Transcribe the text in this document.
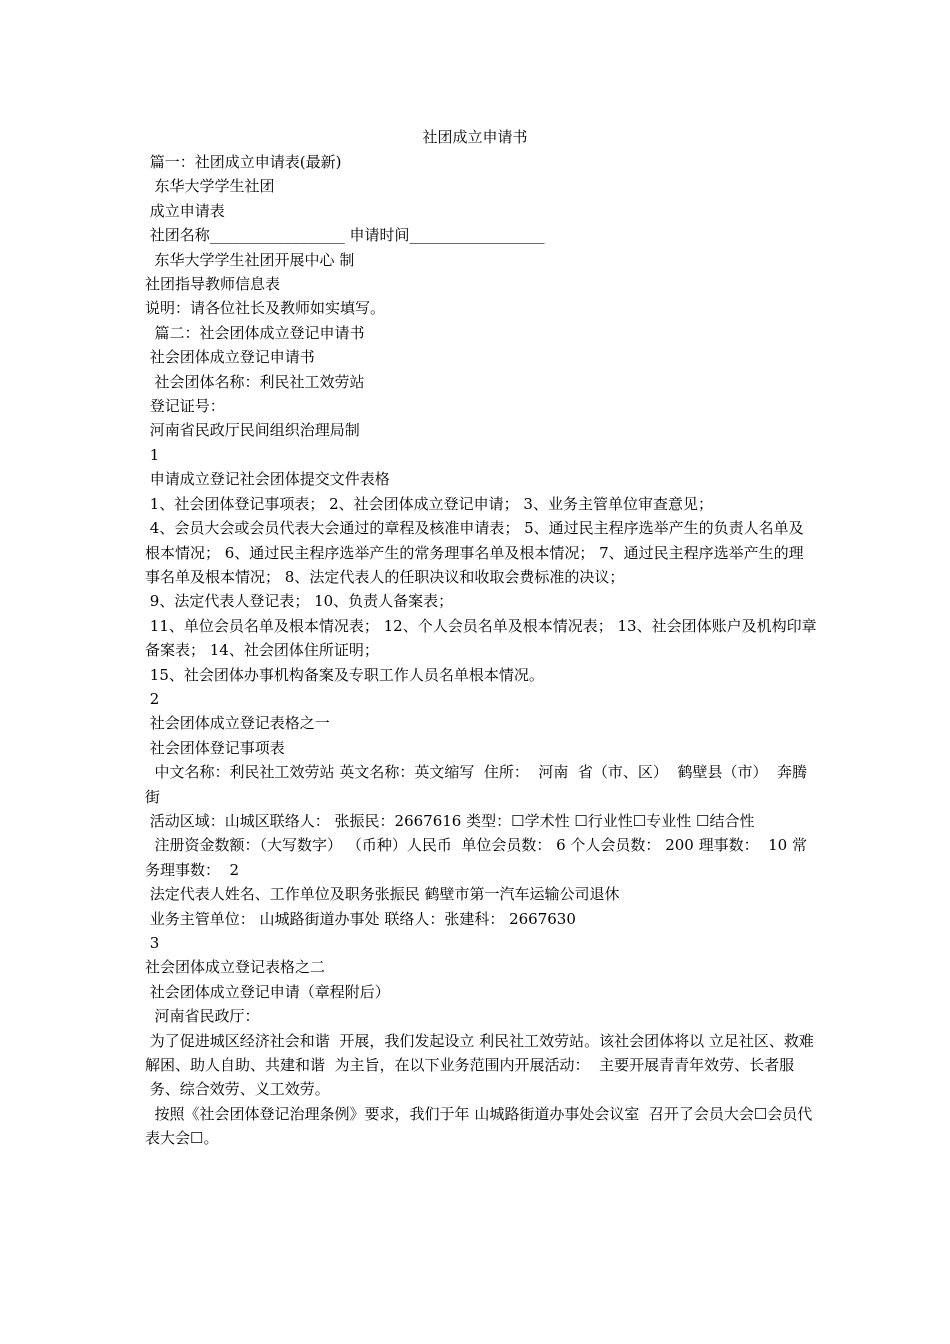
社团成立申请书
篇一：社团成立申请表(最新)
东华大学学生社团
成立申请表
社团名称__________________ 申请时间__________________
东华大学学生社团开展中心 制
社团指导教师信息表
说明：请各位社长及教师如实填写。
篇二：社会团体成立登记申请书
社会团体成立登记申请书
社会团体名称：利民社工效劳站
登记证号：
河南省民政厅民间组织治理局制
1
申请成立登记社会团体提交文件表格
1、社会团体登记事项表； 2、社会团体成立登记申请； 3、业务主管单位审查意见；
4、会员大会或会员代表大会通过的章程及核准申请表； 5、通过民主程序选举产生的负责人名单及根本情况； 6、通过民主程序选举产生的常务理事名单及根本情况； 7、通过民主程序选举产生的理事名单及根本情况； 8、法定代表人的任职决议和收取会费标准的决议；
9、法定代表人登记表； 10、负责人备案表；
11、单位会员名单及根本情况表； 12、个人会员名单及根本情况表； 13、社会团体账户及机构印章备案表； 14、社会团体住所证明；
15、社会团体办事机构备案及专职工作人员名单根本情况。
2
社会团体成立登记表格之一
社会团体登记事项表
中文名称：利民社工效劳站 英文名称：英文缩写  住所：  河南  省（市、区）  鹤壁县（市）  奔腾  街
活动区域：山城区联络人： 张振民：2667616 类型：☐学术性 ☐行业性☐专业性 ☐结合性
注册资金数额：（大写数字） （币种）人民币  单位会员数： 6 个人会员数： 200 理事数：  10 常务理事数：  2
法定代表人姓名、工作单位及职务张振民 鹤壁市第一汽车运输公司退休
业务主管单位： 山城路街道办事处 联络人：张建科： 2667630
3
社会团体成立登记表格之二
社会团体成立登记申请（章程附后）
河南省民政厅：
为了促进城区经济社会和谐  开展，我们发起设立 利民社工效劳站。该社会团体将以 立足社区、救难解困、助人自助、共建和谐  为主旨，在以下业务范围内开展活动：  主要开展青青年效劳、长者服
务、综合效劳、义工效劳。
按照《社会团体登记治理条例》要求，我们于年 山城路街道办事处会议室  召开了会员大会☐会员代表大会☐。
